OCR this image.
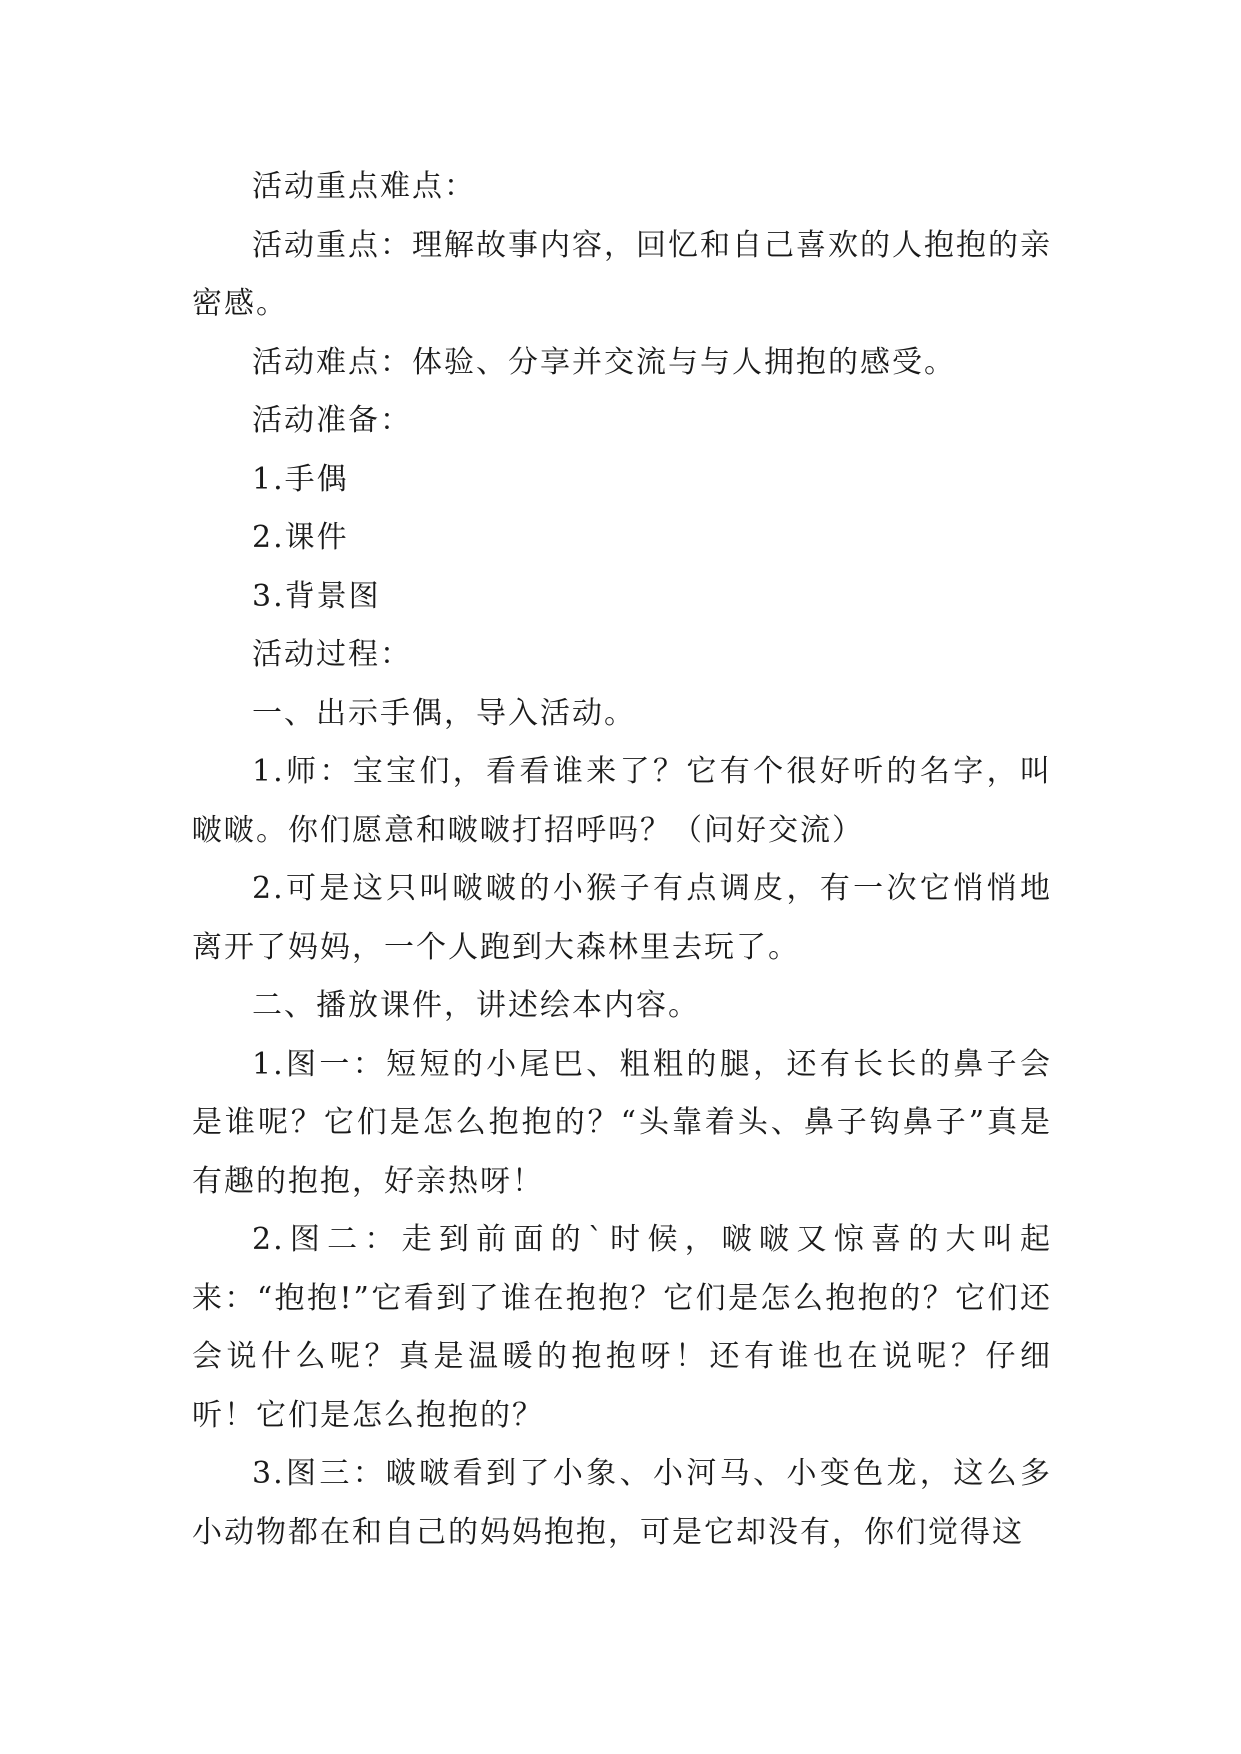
活动重点难点：

活动重点：理解故事内容，回忆和自己喜欢的人抱抱的亲密感。

活动难点：体验、分享并交流与与人拥抱的感受。

活动准备：

1.手偶

2.课件

3.背景图

活动过程：

一、出示手偶，导入活动。

1.师：宝宝们，看看谁来了？它有个很好听的名字，叫啵啵。你们愿意和啵啵打招呼吗？（问好交流）

2.可是这只叫啵啵的小猴子有点调皮，有一次它悄悄地离开了妈妈，一个人跑到大森林里去玩了。

二、播放课件，讲述绘本内容。

1.图一：短短的小尾巴、粗粗的腿，还有长长的鼻子会是谁呢？它们是怎么抱抱的？“头靠着头、鼻子钩鼻子”真是有趣的抱抱，好亲热呀！

2.图二：走到前面的`时候，啵啵又惊喜的大叫起来：“抱抱!”它看到了谁在抱抱？它们是怎么抱抱的？它们还会说什么呢？真是温暖的抱抱呀！还有谁也在说呢？仔细听！它们是怎么抱抱的？

3.图三：啵啵看到了小象、小河马、小变色龙，这么多小动物都在和自己的妈妈抱抱，可是它却没有，你们觉得这
